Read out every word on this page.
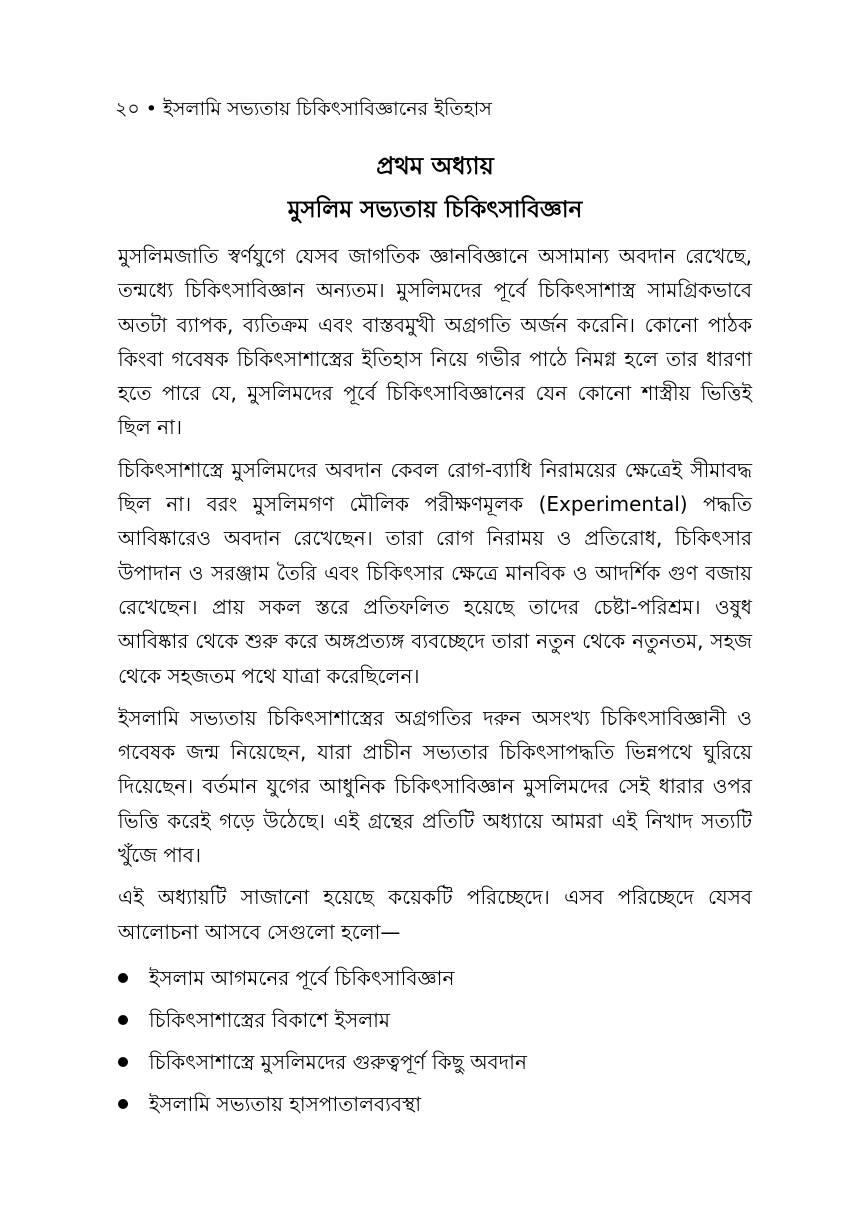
২০ • ইসলামি সভ্যতায় চিকিৎসাবিজ্ঞানের ইতিহাস
প্রথম অধ্যায়
মুসলিম সভ্যতায় চিকিৎসাবিজ্ঞান

মুসলিমজাতি স্বর্ণযুগে যেসব জাগতিক জ্ঞানবিজ্ঞানে অসামান্য অবদান রেখেছে, তন্মধ্যে চিকিৎসাবিজ্ঞান অন্যতম। মুসলিমদের পূর্বে চিকিৎসাশাস্ত্র সামগ্রিকভাবে অতটা ব্যাপক, ব্যতিক্রম এবং বাস্তবমুখী অগ্রগতি অর্জন করেনি। কোনো পাঠক কিংবা গবেষক চিকিৎসাশাস্ত্রের ইতিহাস নিয়ে গভীর পাঠে নিমগ্ন হলে তার ধারণা হতে পারে যে, মুসলিমদের পূর্বে চিকিৎসাবিজ্ঞানের যেন কোনো শাস্ত্রীয় ভিত্তিই ছিল না।

চিকিৎসাশাস্ত্রে মুসলিমদের অবদান কেবল রোগ-ব্যাধি নিরাময়ের ক্ষেত্রেই সীমাবদ্ধ ছিল না। বরং মুসলিমগণ মৌলিক পরীক্ষণমূলক (Experimental) পদ্ধতি আবিষ্কারেও অবদান রেখেছেন। তারা রোগ নিরাময় ও প্রতিরোধ, চিকিৎসার উপাদান ও সরঞ্জাম তৈরি এবং চিকিৎসার ক্ষেত্রে মানবিক ও আদর্শিক গুণ বজায় রেখেছেন। প্রায় সকল স্তরে প্রতিফলিত হয়েছে তাদের চেষ্টা-পরিশ্রম। ওষুধ আবিষ্কার থেকে শুরু করে অঙ্গপ্রত্যঙ্গ ব্যবচ্ছেদে তারা নতুন থেকে নতুনতম, সহজ থেকে সহজতম পথে যাত্রা করেছিলেন।

ইসলামি সভ্যতায় চিকিৎসাশাস্ত্রের অগ্রগতির দরুন অসংখ্য চিকিৎসাবিজ্ঞানী ও গবেষক জন্ম নিয়েছেন, যারা প্রাচীন সভ্যতার চিকিৎসাপদ্ধতি ভিন্নপথে ঘুরিয়ে দিয়েছেন। বর্তমান যুগের আধুনিক চিকিৎসাবিজ্ঞান মুসলিমদের সেই ধারার ওপর ভিত্তি করেই গড়ে উঠেছে। এই গ্রন্থের প্রতিটি অধ্যায়ে আমরা এই নিখাদ সত্যটি খুঁজে পাব।

এই অধ্যায়টি সাজানো হয়েছে কয়েকটি পরিচ্ছেদে। এসব পরিচ্ছেদে যেসব আলোচনা আসবে সেগুলো হলো—

ইসলাম আগমনের পূর্বে চিকিৎসাবিজ্ঞান
চিকিৎসাশাস্ত্রের বিকাশে ইসলাম
চিকিৎসাশাস্ত্রে মুসলিমদের গুরুত্বপূর্ণ কিছু অবদান
ইসলামি সভ্যতায় হাসপাতালব্যবস্থা
